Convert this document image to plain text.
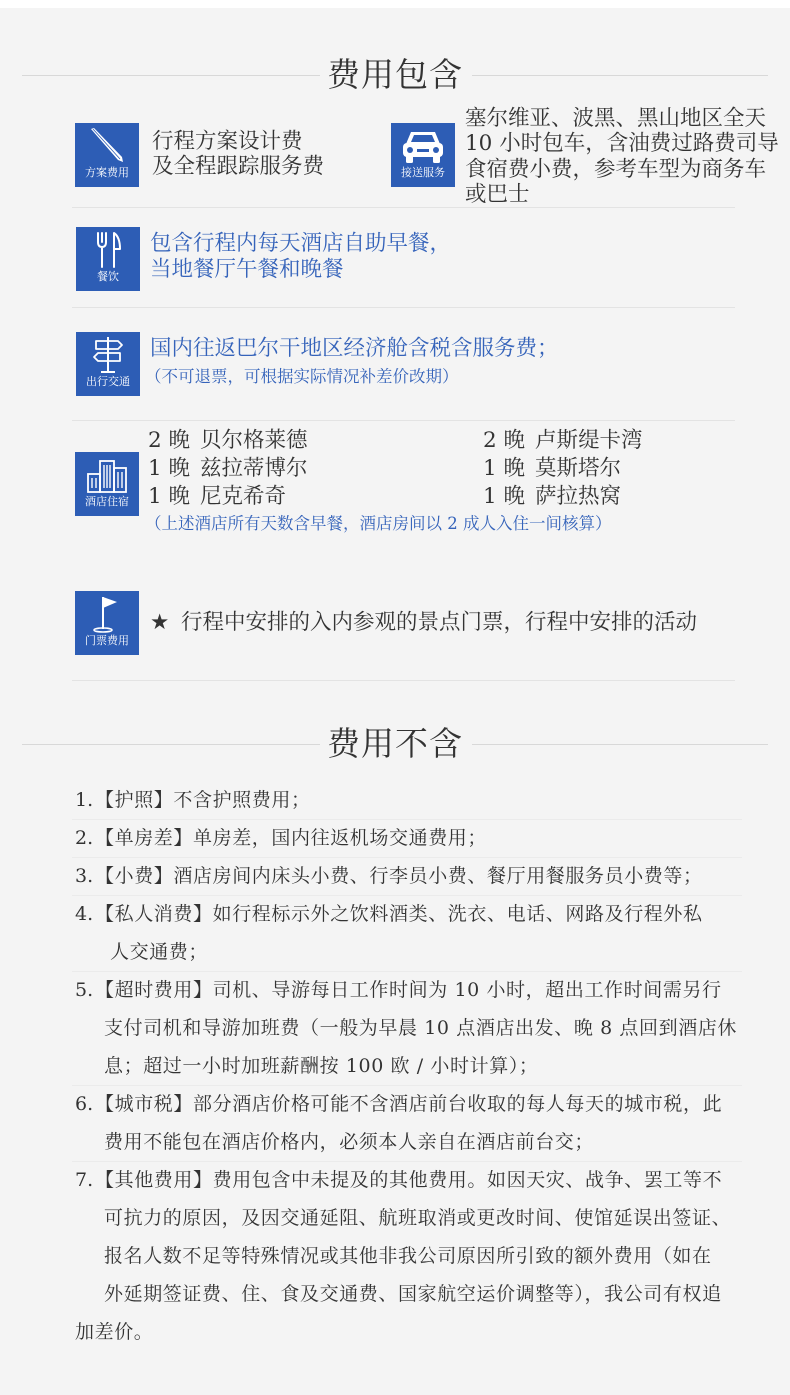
费用包含
方案费用
行程方案设计费
及全程跟踪服务费	接送服务
塞尔维亚、波黑、黑山地区全天
10 小时包车，含油费过路费司导
食宿费小费，参考车型为商务车
或巴士
餐饮
包含行程内每天酒店自助早餐，
当地餐厅午餐和晚餐
出行交通
国内往返巴尔干地区经济舱含税含服务费；
（不可退票，可根据实际情况补差价改期）
酒店住宿
2 晚 贝尔格莱德
1 晚 兹拉蒂博尔
1 晚 尼克希奇
2 晚 卢斯缇卡湾
1 晚 莫斯塔尔
1 晚 萨拉热窝
（上述酒店所有天数含早餐，酒店房间以 2 成人入住一间核算）
门票费用
★ 行程中安排的入内参观的景点门票，行程中安排的活动
费用不含
1.【护照】不含护照费用；
2.【单房差】单房差，国内往返机场交通费用；
3.【小费】酒店房间内床头小费、行李员小费、餐厅用餐服务员小费等；
4.【私人消费】如行程标示外之饮料酒类、洗衣、电话、网路及行程外私
人交通费；
5.【超时费用】司机、导游每日工作时间为 10 小时，超出工作时间需另行
支付司机和导游加班费（一般为早晨 10 点酒店出发、晚 8 点回到酒店休
息；超过一小时加班薪酬按 100 欧 / 小时计算）；
6.【城市税】部分酒店价格可能不含酒店前台收取的每人每天的城市税，此
费用不能包在酒店价格内，必须本人亲自在酒店前台交；
7.【其他费用】费用包含中未提及的其他费用。如因天灾、战争、罢工等不
可抗力的原因，及因交通延阻、航班取消或更改时间、使馆延误出签证、
报名人数不足等特殊情况或其他非我公司原因所引致的额外费用（如在
外延期签证费、住、食及交通费、国家航空运价调整等），我公司有权追
加差价。
